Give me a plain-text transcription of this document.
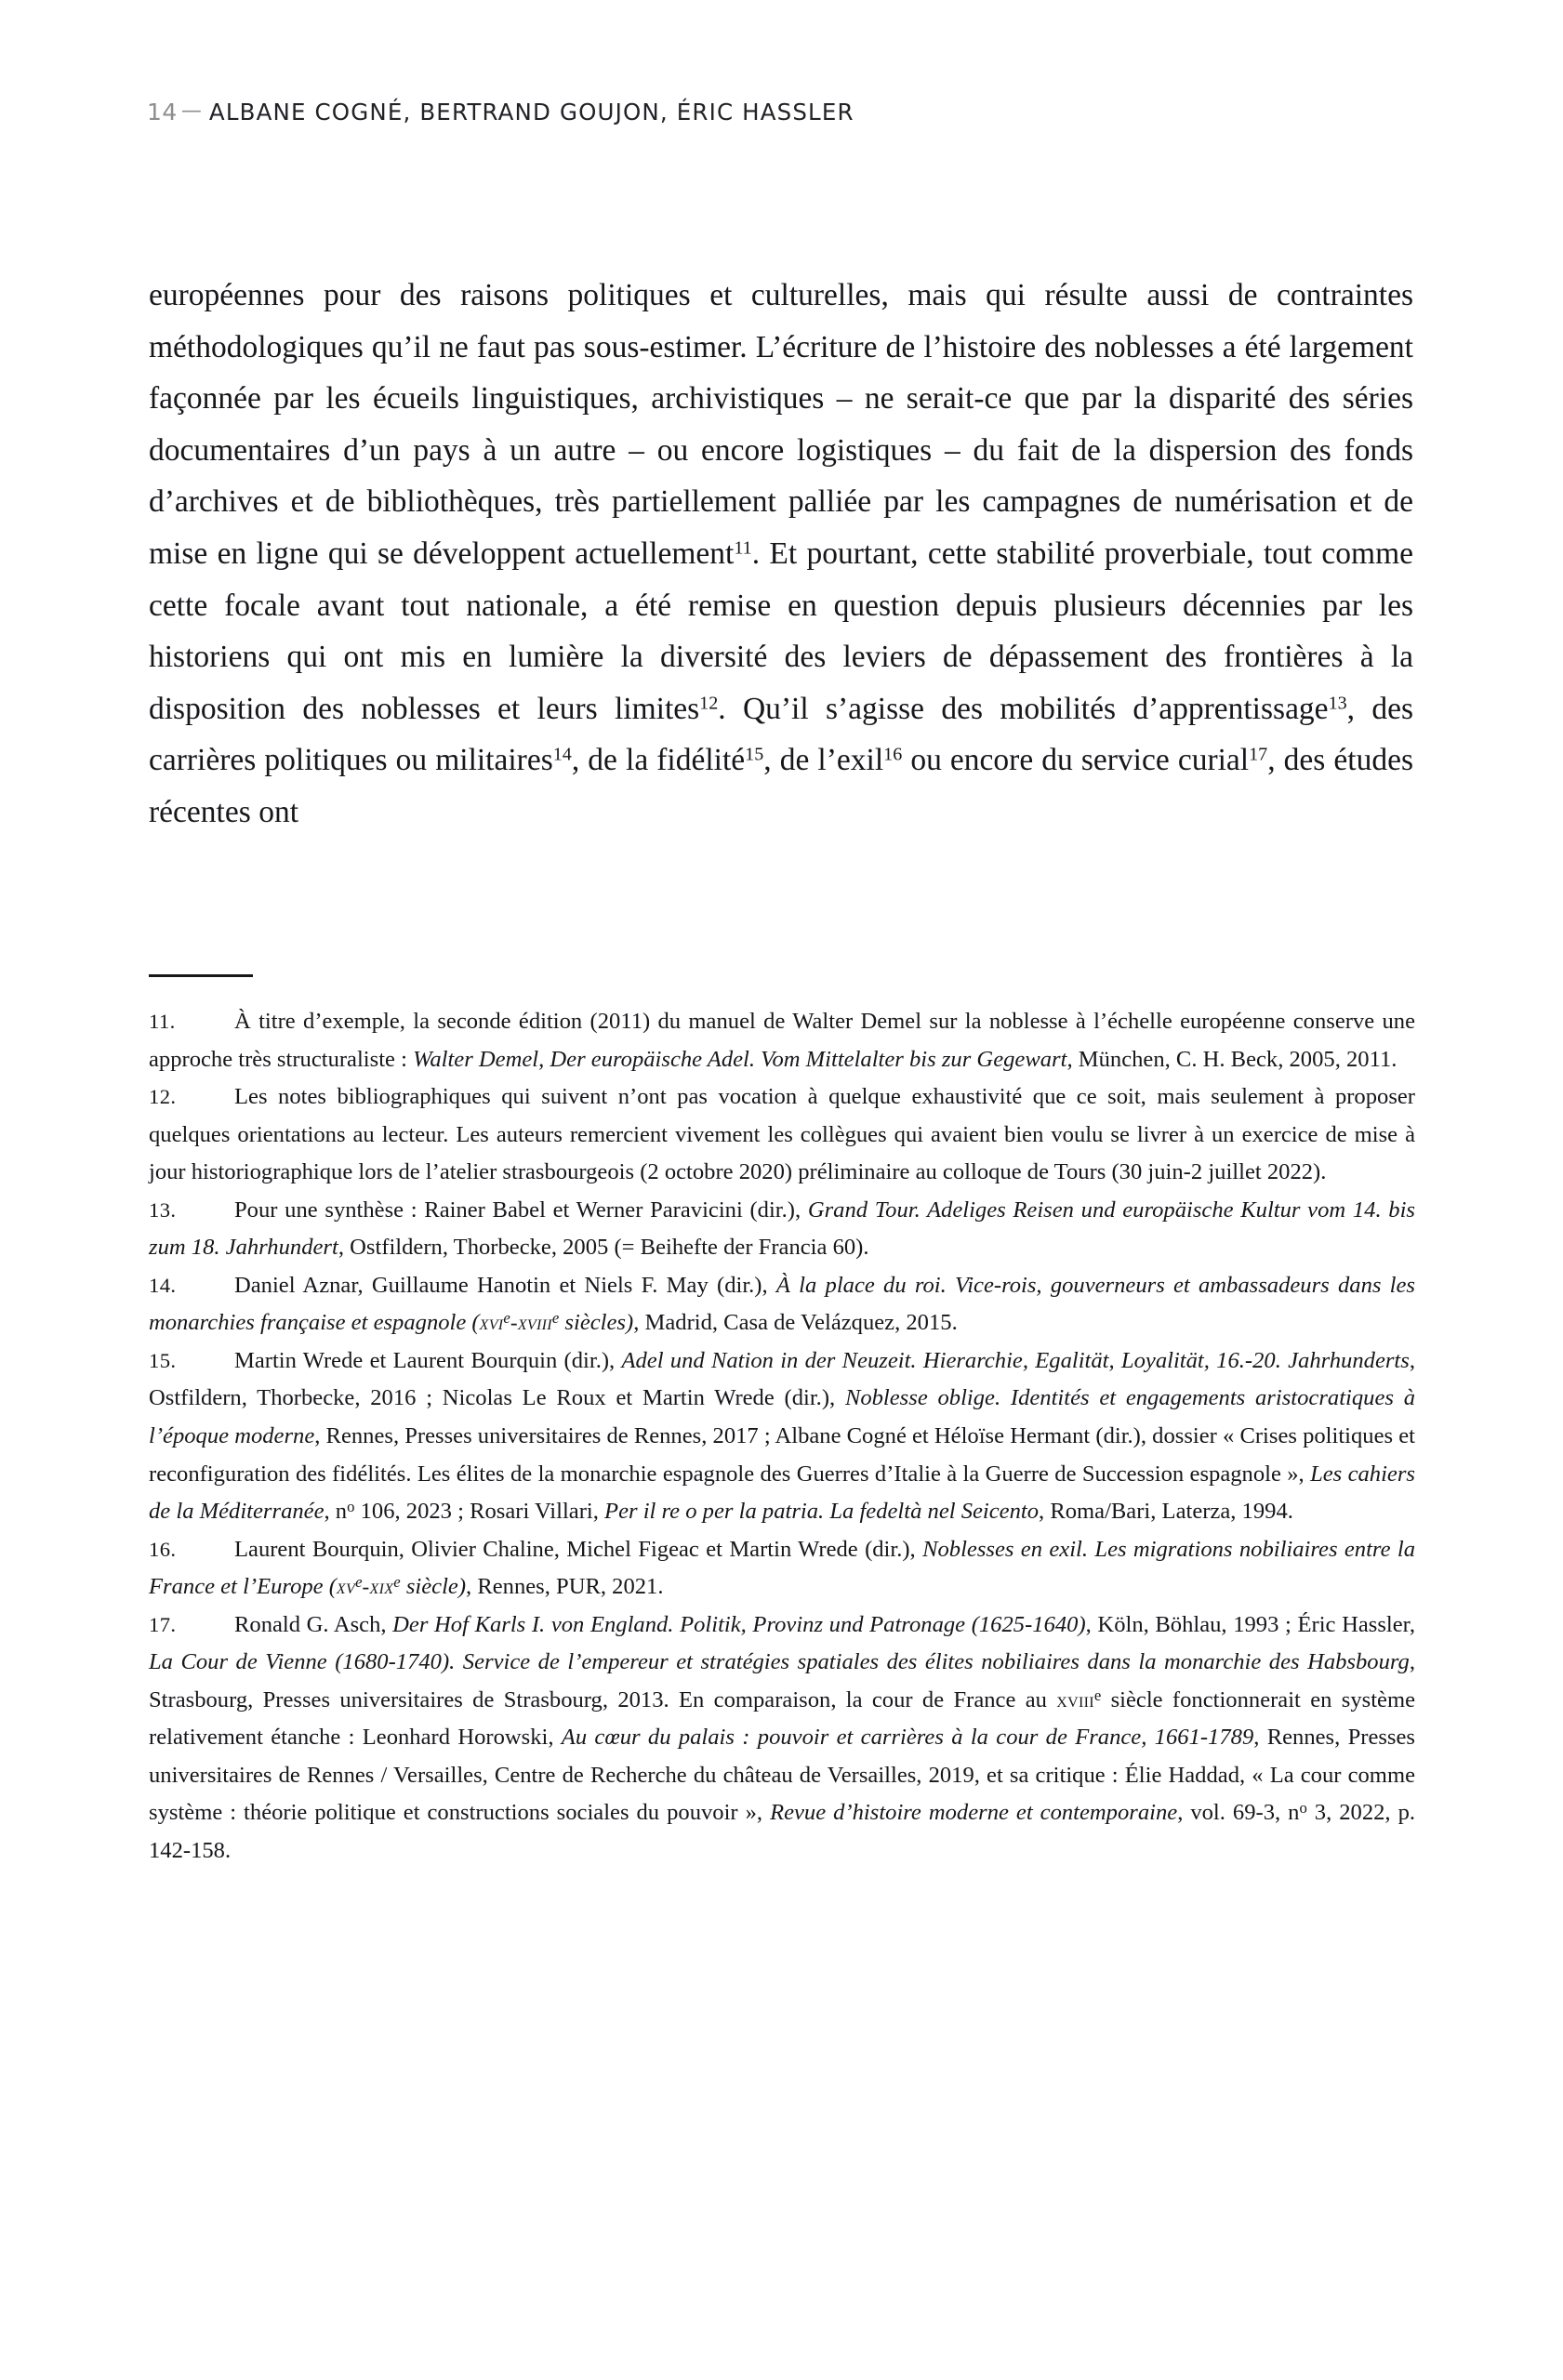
14 — ALBANE COGNÉ, BERTRAND GOUJON, ÉRIC HASSLER

européennes pour des raisons politiques et culturelles, mais qui résulte aussi de contraintes méthodologiques qu’il ne faut pas sous-estimer. L’écriture de l’histoire des noblesses a été largement façonnée par les écueils linguistiques, archivistiques – ne serait-ce que par la disparité des séries documentaires d’un pays à un autre – ou encore logistiques – du fait de la dispersion des fonds d’archives et de bibliothèques, très partiellement palliée par les campagnes de numérisation et de mise en ligne qui se développent actuellement$^{11}$. Et pourtant, cette stabilité proverbiale, tout comme cette focale avant tout nationale, a été remise en question depuis plusieurs décennies par les historiens qui ont mis en lumière la diversité des leviers de dépassement des frontières à la disposition des noblesses et leurs limites$^{12}$. Qu’il s’agisse des mobilités d’apprentissage$^{13}$, des carrières politiques ou militaires$^{14}$, de la fidélité$^{15}$, de l’exil$^{16}$ ou encore du service curial$^{17}$, des études récentes ont

11.	À titre d’exemple, la seconde édition (2011) du manuel de Walter Demel sur la noblesse à l’échelle européenne conserve une approche très structuraliste : Walter Demel, Der europäische Adel. Vom Mittelalter bis zur Gegewart, München, C. H. Beck, 2005, 2011.

12.	Les notes bibliographiques qui suivent n’ont pas vocation à quelque exhaustivité que ce soit, mais seulement à proposer quelques orientations au lecteur. Les auteurs remercient vivement les collègues qui avaient bien voulu se livrer à un exercice de mise à jour historiographique lors de l’atelier strasbourgeois (2 octobre 2020) préliminaire au colloque de Tours (30 juin-2 juillet 2022).

13.	Pour une synthèse : Rainer Babel et Werner Paravicini (dir.), Grand Tour. Adeliges Reisen und europäische Kultur vom 14. bis zum 18. Jahrhundert, Ostfildern, Thorbecke, 2005 (= Beihefte der Francia 60).

14.	Daniel Aznar, Guillaume Hanotin et Niels F. May (dir.), À la place du roi. Vice-rois, gouverneurs et ambassadeurs dans les monarchies française et espagnole (xvi$^e$-xviii$^e$ siècles), Madrid, Casa de Velázquez, 2015.

15.	Martin Wrede et Laurent Bourquin (dir.), Adel und Nation in der Neuzeit. Hierarchie, Egalität, Loyalität, 16.-20. Jahrhunderts, Ostfildern, Thorbecke, 2016 ; Nicolas Le Roux et Martin Wrede (dir.), Noblesse oblige. Identités et engagements aristocratiques à l’époque moderne, Rennes, Presses universitaires de Rennes, 2017 ; Albane Cogné et Héloïse Hermant (dir.), dossier « Crises politiques et reconfiguration des fidélités. Les élites de la monarchie espagnole des Guerres d’Italie à la Guerre de Succession espagnole », Les cahiers de la Méditerranée, $n^o$ 106, 2023 ; Rosari Villari, Per il re o per la patria. La fedeltà nel Seicento, Roma/Bari, Laterza, 1994.

16.	Laurent Bourquin, Olivier Chaline, Michel Figeac et Martin Wrede (dir.), Noblesses en exil. Les migrations nobiliaires entre la France et l’Europe ($xv^e-xix^e$ siècle), Rennes, PUR, 2021.

17.	Ronald G. Asch, Der Hof Karls I. von England. Politik, Provinz und Patronage (1625-1640), Köln, Böhlau, 1993 ; Éric Hassler, La Cour de Vienne (1680-1740). Service de l’empereur et stratégies spatiales des élites nobiliaires dans la monarchie des Habsbourg, Strasbourg, Presses universitaires de Strasbourg, 2013. En comparaison, la cour de France au xviii$^e$ siècle fonctionnerait en système relativement étanche : Leonhard Horowski, Au cœur du palais : pouvoir et carrières à la cour de France, 1661-1789, Rennes, Presses universitaires de Rennes / Versailles, Centre de Recherche du château de Versailles, 2019, et sa critique : Élie Haddad, « La cour comme système : théorie politique et constructions sociales du pouvoir », Revue d’histoire moderne et contemporaine, vol. 69-3, $n^o$ 3, 2022, p. 142-158.
